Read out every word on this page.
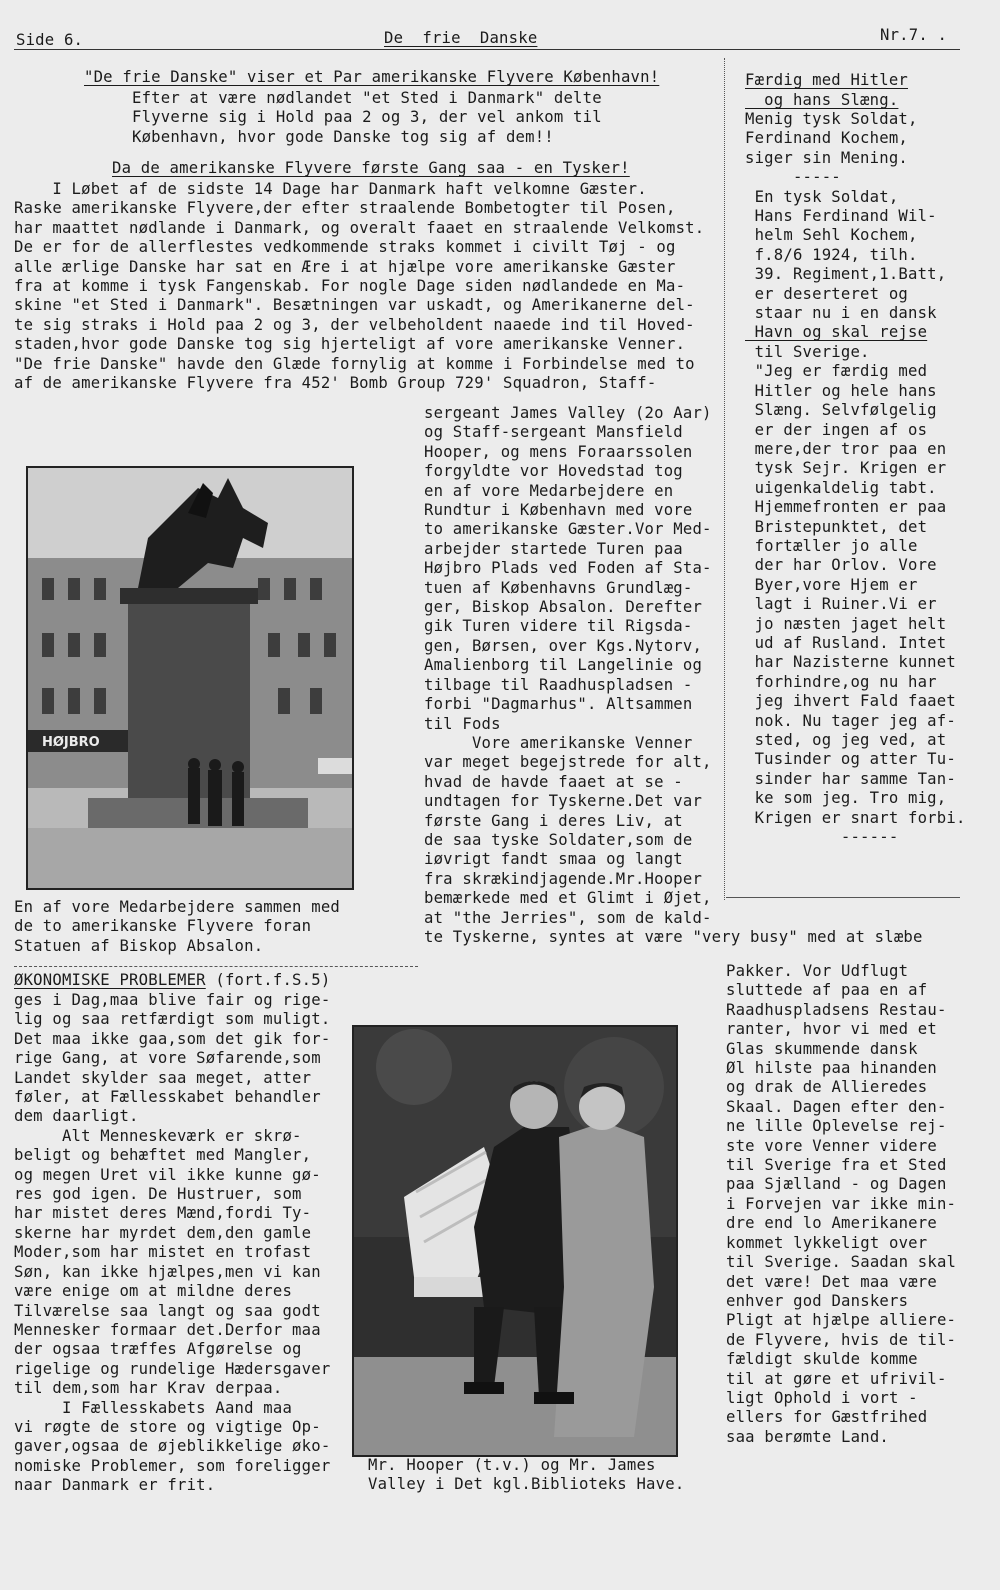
Side 6.	De  frie  Danske	Nr.7. .
"De frie Danske" viser et Par amerikanske Flyvere København!
Efter at være nødlandet "et Sted i Danmark" delte
Flyverne sig i Hold paa 2 og 3, der vel ankom til
København, hvor gode Danske tog sig af dem!!
Da de amerikanske Flyvere første Gang saa - en Tysker!
I Løbet af de sidste 14 Dage har Danmark haft velkomne Gæster.
Raske amerikanske Flyvere,der efter straalende Bombetogter til Posen,
har maattet nødlande i Danmark, og overalt faaet en straalende Velkomst.
De er for de allerflestes vedkommende straks kommet i civilt Tøj - og
alle ærlige Danske har sat en Ære i at hjælpe vore amerikanske Gæster
fra at komme i tysk Fangenskab. For nogle Dage siden nødlandede en Ma-
skine "et Sted i Danmark". Besætningen var uskadt, og Amerikanerne del-
te sig straks i Hold paa 2 og 3, der velbeholdent naaede ind til Hoved-
staden,hvor gode Danske tog sig hjerteligt af vore amerikanske Venner.
"De frie Danske" havde den Glæde fornylig at komme i Forbindelse med to
af de amerikanske Flyvere fra 452' Bomb Group 729' Squadron, Staff-
sergeant James Valley (2o Aar)
og Staff-sergeant Mansfield
Hooper, og mens Foraarssolen
forgyldte vor Hovedstad tog
en af vore Medarbejdere en
Rundtur i København med vore
to amerikanske Gæster.Vor Med-
arbejder startede Turen paa
Højbro Plads ved Foden af Sta-
tuen af Københavns Grundlæg-
ger, Biskop Absalon. Derefter
gik Turen videre til Rigsda-
gen, Børsen, over Kgs.Nytorv,
Amalienborg til Langelinie og
tilbage til Raadhuspladsen -
forbi "Dagmarhus". Altsammen
til Fods
Vore amerikanske Venner
var meget begejstrede for alt,
hvad de havde faaet at se -
undtagen for Tyskerne.Det var
første Gang i deres Liv, at
de saa tyske Soldater,som de
iøvrigt fandt smaa og langt
fra skrækindjagende.Mr.Hooper
bemærkede med et Glimt i Øjet,
at "the Jerries", som de kald-
te Tyskerne, syntes at være "very busy" med at slæbe
Pakker. Vor Udflugt
sluttede af paa en af
Raadhuspladsens Restau-
ranter, hvor vi med et
Glas skummende dansk
Øl hilste paa hinanden
og drak de Allieredes
Skaal. Dagen efter den-
ne lille Oplevelse rej-
ste vore Venner videre
til Sverige fra et Sted
paa Sjælland - og Dagen
i Forvejen var ikke min-
dre end lo Amerikanere
kommet lykkeligt over
til Sverige. Saadan skal
det være! Det maa være
enhver god Danskers
Pligt at hjælpe alliere-
de Flyvere, hvis de til-
fældigt skulde komme
til at gøre et ufrivil-
ligt Ophold i vort -
ellers for Gæstfrihed
saa berømte Land.
HØJBRO
En af vore Medarbejdere sammen med
de to amerikanske Flyvere foran
Statuen af Biskop Absalon.
Færdig med Hitler
og hans Slæng.
Menig tysk Soldat,
Ferdinand Kochem,
siger sin Mening.
-----
En tysk Soldat,
Hans Ferdinand Wil-
helm Sehl Kochem,
f.8/6 1924, tilh.
39. Regiment,1.Batt,
er deserteret og
staar nu i en dansk
Havn og skal rejse
til Sverige.
"Jeg er færdig med
Hitler og hele hans
Slæng. Selvfølgelig
er der ingen af os
mere,der tror paa en
tysk Sejr. Krigen er
uigenkaldelig tabt.
Hjemmefronten er paa
Bristepunktet, det
fortæller jo alle
der har Orlov. Vore
Byer,vore Hjem er
lagt i Ruiner.Vi er
jo næsten jaget helt
ud af Rusland. Intet
har Nazisterne kunnet
forhindre,og nu har
jeg ihvert Fald faaet
nok. Nu tager jeg af-
sted, og jeg ved, at
Tusinder og atter Tu-
sinder har samme Tan-
ke som jeg. Tro mig,
Krigen er snart forbi.
------
ØKONOMISKE PROBLEMER (fort.f.S.5)
ges i Dag,maa blive fair og rige-
lig og saa retfærdigt som muligt.
Det maa ikke gaa,som det gik for-
rige Gang, at vore Søfarende,som
Landet skylder saa meget, atter
føler, at Fællesskabet behandler
dem daarligt.
Alt Menneskeværk er skrø-
beligt og behæftet med Mangler,
og megen Uret vil ikke kunne gø-
res god igen. De Hustruer, som
har mistet deres Mænd,fordi Ty-
skerne har myrdet dem,den gamle
Moder,som har mistet en trofast
Søn, kan ikke hjælpes,men vi kan
være enige om at mildne deres
Tilværelse saa langt og saa godt
Mennesker formaar det.Derfor maa
der ogsaa træffes Afgørelse og
rigelige og rundelige Hædersgaver
til dem,som har Krav derpaa.
I Fællesskabets Aand maa
vi røgte de store og vigtige Op-
gaver,ogsaa de øjeblikkelige øko-
nomiske Problemer, som foreligger
naar Danmark er frit.
Mr. Hooper (t.v.) og Mr. James
Valley i Det kgl.Biblioteks Have.
